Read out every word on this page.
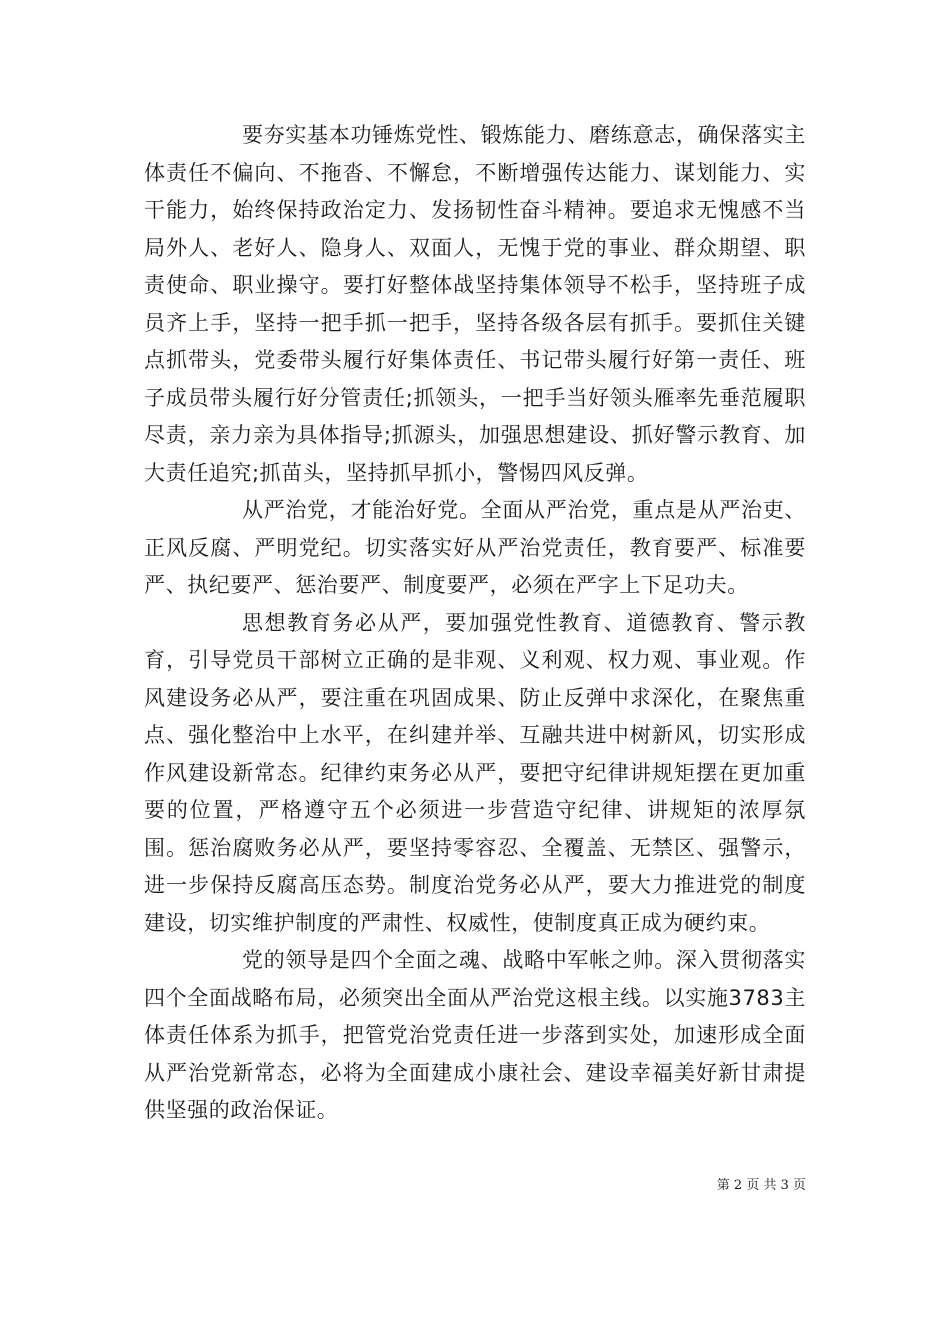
要夯实基本功锤炼党性、锻炼能力、磨练意志，确保落实主体责任不偏向、不拖沓、不懈怠，不断增强传达能力、谋划能力、实干能力，始终保持政治定力、发扬韧性奋斗精神。要追求无愧感不当局外人、老好人、隐身人、双面人，无愧于党的事业、群众期望、职责使命、职业操守。要打好整体战坚持集体领导不松手，坚持班子成员齐上手，坚持一把手抓一把手，坚持各级各层有抓手。要抓住关键点抓带头，党委带头履行好集体责任、书记带头履行好第一责任、班子成员带头履行好分管责任;抓领头，一把手当好领头雁率先垂范履职尽责，亲力亲为具体指导;抓源头，加强思想建设、抓好警示教育、加大责任追究;抓苗头，坚持抓早抓小，警惕四风反弹。

从严治党，才能治好党。全面从严治党，重点是从严治吏、正风反腐、严明党纪。切实落实好从严治党责任，教育要严、标准要严、执纪要严、惩治要严、制度要严，必须在严字上下足功夫。

思想教育务必从严，要加强党性教育、道德教育、警示教育，引导党员干部树立正确的是非观、义利观、权力观、事业观。作风建设务必从严，要注重在巩固成果、防止反弹中求深化，在聚焦重点、强化整治中上水平，在纠建并举、互融共进中树新风，切实形成作风建设新常态。纪律约束务必从严，要把守纪律讲规矩摆在更加重要的位置，严格遵守五个必须进一步营造守纪律、讲规矩的浓厚氛围。惩治腐败务必从严，要坚持零容忍、全覆盖、无禁区、强警示，进一步保持反腐高压态势。制度治党务必从严，要大力推进党的制度建设，切实维护制度的严肃性、权威性，使制度真正成为硬约束。

党的领导是四个全面之魂、战略中军帐之帅。深入贯彻落实四个全面战略布局，必须突出全面从严治党这根主线。以实施3783主体责任体系为抓手，把管党治党责任进一步落到实处，加速形成全面从严治党新常态，必将为全面建成小康社会、建设幸福美好新甘肃提供坚强的政治保证。

第 2 页 共 3 页
